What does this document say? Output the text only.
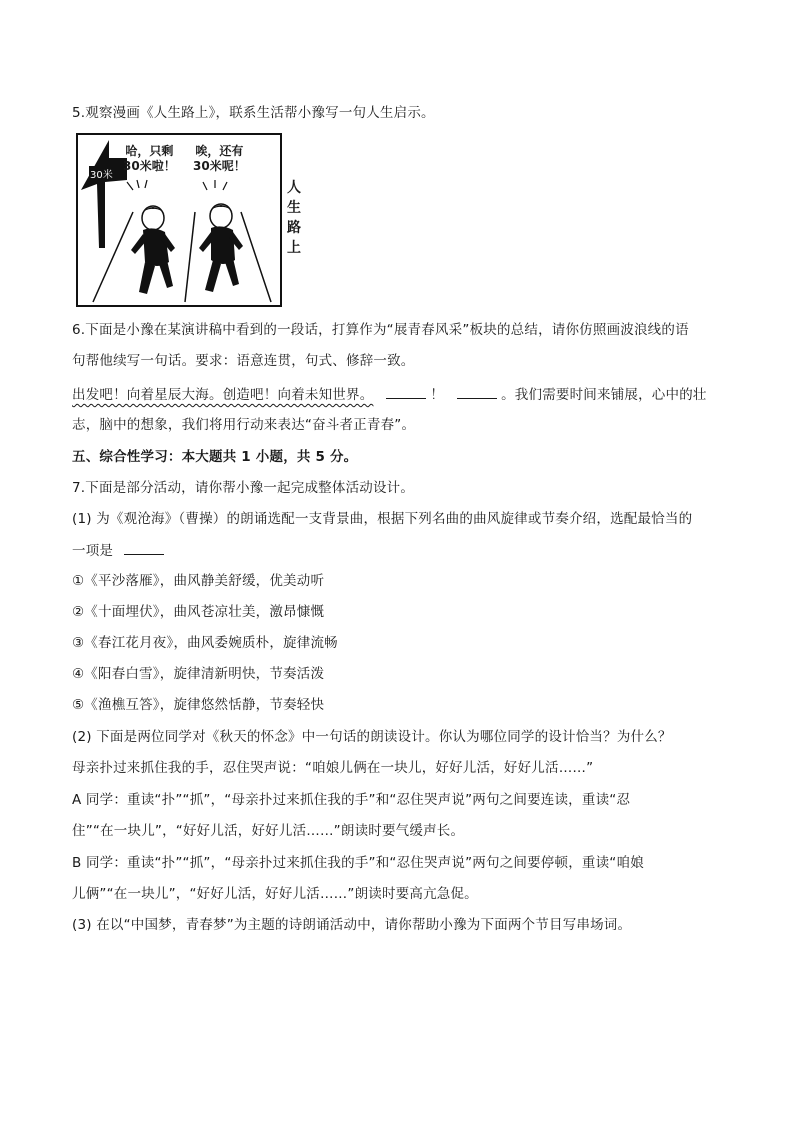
5.观察漫画《人生路上》，联系生活帮小豫写一句人生启示。
30米
哈，只剩
30米啦！
唉，还有
30米呢！
人
生
路
上
6.下面是小豫在某演讲稿中看到的一段话，打算作为“展青春风采”板块的总结，请你仿照画波浪线的语
句帮他续写一句话。要求：语意连贯，句式、修辞一致。
出发吧！向着星辰大海。创造吧！向着未知世界。	！	。我们需要时间来铺展，心中的壮
志，脑中的想象，我们将用行动来表达“奋斗者正青春”。
五、综合性学习：本大题共 1 小题，共 5 分。
7.下面是部分活动，请你帮小豫一起完成整体活动设计。
(1) 为《观沧海》（曹操）的朗诵选配一支背景曲，根据下列名曲的曲风旋律或节奏介绍，选配最恰当的
一项是
①《平沙落雁》，曲风静美舒缓，优美动听
②《十面埋伏》，曲风苍凉壮美，激昂慷慨
③《春江花月夜》，曲风委婉质朴，旋律流畅
④《阳春白雪》，旋律清新明快，节奏活泼
⑤《渔樵互答》，旋律悠然恬静，节奏轻快
(2) 下面是两位同学对《秋天的怀念》中一句话的朗读设计。你认为哪位同学的设计恰当？为什么？
母亲扑过来抓住我的手，忍住哭声说：“咱娘儿俩在一块儿，好好儿活，好好儿活……”
A 同学：重读“扑”“抓”，“母亲扑过来抓住我的手”和“忍住哭声说”两句之间要连读，重读“忍
住”“在一块儿”，“好好儿活，好好儿活……”朗读时要气缓声长。
B 同学：重读“扑”“抓”，“母亲扑过来抓住我的手”和“忍住哭声说”两句之间要停顿，重读“咱娘
儿俩”“在一块儿”，“好好儿活，好好儿活……”朗读时要高亢急促。
(3) 在以“中国梦，青春梦”为主题的诗朗诵活动中，请你帮助小豫为下面两个节目写串场词。
